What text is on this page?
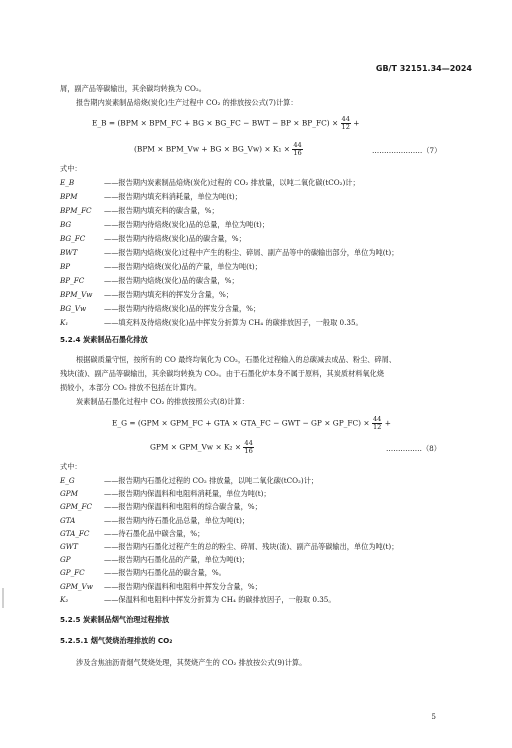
GB/T 32151.34—2024
屑，副产品等碳输出，其余碳均转换为 CO₂。
报告期内炭素制品焙烧(炭化)生产过程中 CO₂ 的排放按公式(7)计算：
E_B = (BPM × BPM_FC + BG × BG_FC − BWT − BP × BP_FC) × $\frac{44}{12}$ +
(BPM × BPM_Vw + BG × BG_Vw) × $K_1 \times \frac{44}{16}$	…………………（7）
式中：
E_B	——报告期内炭素制品焙烧(炭化)过程的 CO₂ 排放量，以吨二氧化碳(tCO₂)计；
BPM	——报告期内填充料消耗量，单位为吨(t)；
BPM_FC ——报告期内填充料的碳含量，%；
BG	——报告期内待焙烧(炭化)品的总量，单位为吨(t)；
BG_FC	——报告期内待焙烧(炭化)品的碳含量，%；
BWT	——报告期内焙烧(炭化)过程中产生的粉尘、碎屑、副产品等中的碳输出部分，单位为吨(t)；
BP	——报告期内焙烧(炭化)品的产量，单位为吨(t)；
BP_FC	——报告期内焙烧(炭化)品的碳含量，%；
BPM_Vw ——报告期内填充料的挥发分含量，%；
BG_Vw ——报告期内待焙烧(炭化)品的挥发分含量，%；
K₁	——填充料及待焙烧(炭化)品中挥发分折算为 CH₄ 的碳排放因子，一般取 0.35。
5.2.4 炭素制品石墨化排放
根据碳质量守恒，按所有的 CO 最终均氧化为 CO₂，石墨化过程输入的总碳减去成品、粉尘、碎屑、
残块(渣)、副产品等碳输出，其余碳均转换为 CO₂。由于石墨化炉本身不属于原料，其炭质材料氧化烧
损较小，本部分 CO₂ 排放不包括在计算内。
炭素制品石墨化过程中 CO₂ 的排放按照公式(8)计算：
E_G = (GPM × GPM_FC + GTA × GTA_FC − GWT − GP × GP_FC) × $\frac{44}{12}$ +
GPM × GPM_Vw × $K_2 \times \frac{44}{16}$	……………（8）
式中：
E_G	——报告期内石墨化过程的 CO₂ 排放量，以吨二氧化碳(tCO₂)计；
GPM	——报告期内保温料和电阻料消耗量，单位为吨(t)；
GPM_FC ——报告期内保温料和电阻料的综合碳含量，%；
GTA	——报告期内待石墨化品总量，单位为吨(t)；
GTA_FC ——待石墨化品中碳含量，%；
GWT	——报告期内石墨化过程产生的总的粉尘、碎屑、残块(渣)、副产品等碳输出，单位为吨(t)；
GP	——报告期内石墨化品的产量，单位为吨(t)；
GP_FC	——报告期内石墨化品的碳含量，%。
GPM_Vw ——报告期内保温料和电阻料中挥发分含量，%；
K₂	——保温料和电阻料中挥发分折算为 CH₄ 的碳排放因子，一般取 0.35。
5.2.5 炭素制品烟气治理过程排放
5.2.5.1 烟气焚烧治理排放的 CO₂
涉及含焦油沥青烟气焚烧处理，其焚烧产生的 CO₂ 排放按公式(9)计算。
5
